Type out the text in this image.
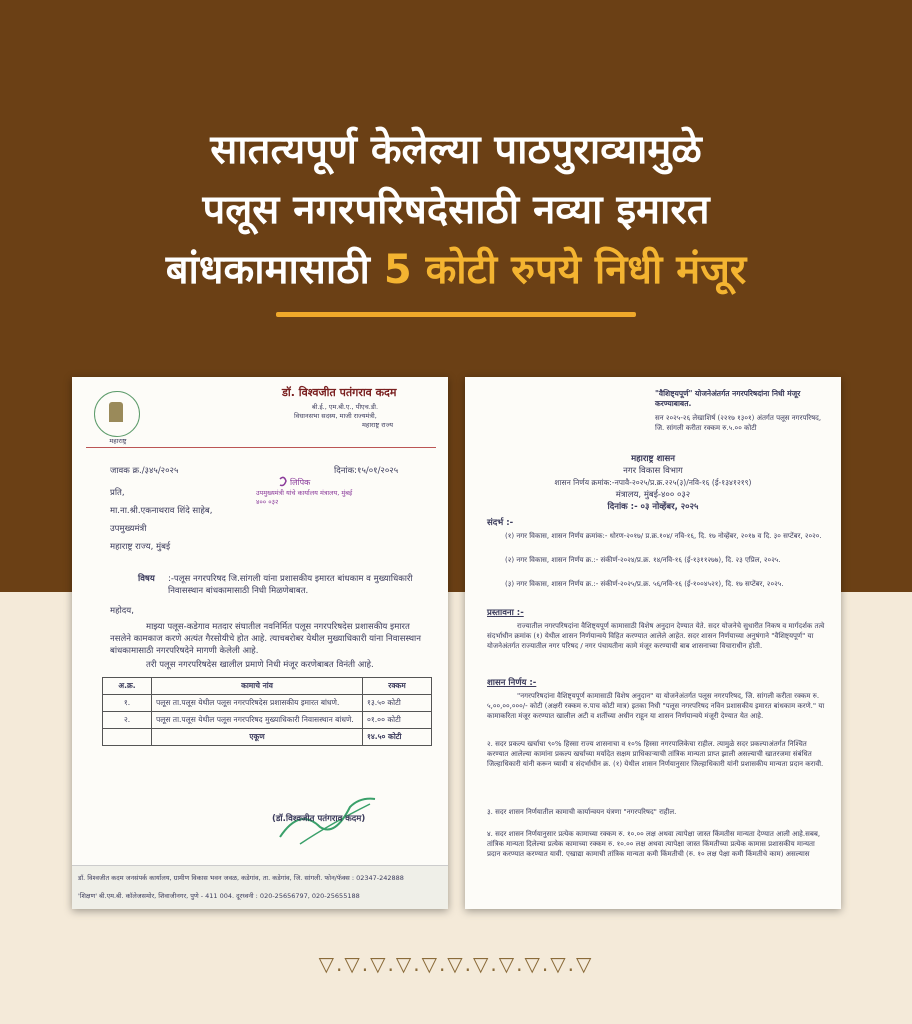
सातत्यपूर्ण केलेल्या पाठपुराव्यामुळे
पलूस नगरपरिषदेसाठी नव्या इमारत
बांधकामासाठी 5 कोटी रुपये निधी मंजूर
महाराष्ट्र
डॉ. विश्वजीत पतंगराव कदम
बी.ई., एम.बी.ए., पीएच.डी.
विधानसभा सदस्य, माजी राज्यमंत्री,
महाराष्ट्र राज्य
जावक क्र./३४५/२०२५	दिनांक:१५/०१/२०२५
प्रति,
मा.ना.श्री.एकनाथराव शिंदे साहेब,
उपमुख्यमंत्री
महाराष्ट्र राज्य, मुंबई
लिपिक
उपमुख्यमंत्री यांचे कार्यालय मंत्रालय, मुंबई ४०० ०३२
विषय	:-पलूस नगरपरिषद जि.सांगली यांना प्रशासकीय इमारत बांधकाम व मुख्याधिकारी निवासस्थान बांधकामासाठी निधी मिळणेबाबत.
महोदय,
माझ्या पलूस-कडेगाव मतदार संघातील नवनिर्मित पलूस नगरपरिषदेस प्रशासकीय इमारत नसलेने कामकाज करणे अत्यंत गैरसोयीचे होत आहे. त्याचबरोबर येथील मुख्याधिकारी यांना निवासस्थान बांधकामासाठी नगरपरिषदेने मागणी केलेली आहे.
तरी पलूस नगरपरिषदेस खालील प्रमाणे निधी मंजूर करणेबाबत विनंती आहे.
अ.क्र.	कामाचे नांव	रक्कम
१.	पलूस ता.पलूस येथील पलूस नगरपरिषदेस प्रशासकीय इमारत बांधणे.	१३.५० कोटी
२.	पलूस ता.पलूस येथील पलूस नगरपरिषद मुख्याधिकारी निवासस्थान बांधणे.	०१.०० कोटी
	एकूण	१४.५० कोटी
(डॉ.विश्वजीत पतंगराव कदम)
डॉ. विश्वजीत कदम जनसंपर्क कार्यालय, ग्रामीण विकास भवन जवळ, कडेगांव, ता. कडेगांव, जि. सांगली. फोन/फॅक्स : 02347-242888
'शिक्षण' बी.एम.बी. कॉलेजसमोर, शिवाजीनगर, पुणे - 411 004. दूरध्वनी : 020-25656797, 020-25655188
"वैशिष्ट्यपूर्ण" योजनेअंतर्गत नगरपरिषदांना निधी मंजूर करण्याबाबत.
सन २०२५-२६ लेखाशिर्ष (२२१७ १३०१) अंतर्गत पलूस नगरपरिषद, जि. सांगली करीता रक्कम रु.५.०० कोटी
महाराष्ट्र शासन
नगर विकास विभाग
शासन निर्णय क्रमांक:-नपावै-२०२५/प्र.क्र.२२५(३)/नवि-१६ (ई-१३४१२१९)
मंत्रालय, मुंबई-४०० ०३२
दिनांक :- ०३ नोव्हेंबर, २०२५
संदर्भ :-
(१) नगर विकास, शासन निर्णय क्रमांक:- धोरण-२०१७/ प्र.क्र.१०४/ नवि-१६, दि. १७ नोव्हेंबर, २०१७ व दि. ३० सप्टेंबर, २०२०.
(२) नगर विकास, शासन निर्णय क्र.:- संकीर्ण-२०२४/प्र.क्र. १४/नवि-१६ (ई-१३११२७७), दि. २३ एप्रिल, २०२५.
(३) नगर विकास, शासन निर्णय क्र.:- संकीर्ण-२०२५/प्र.क्र. ५६/नवि-१६ (ई-१००४५२१), दि. १७ सप्टेंबर, २०२५.
प्रस्तावना :-
राज्यातील नगरपरिषदांना वैशिष्ट्यपूर्ण कामासाठी विशेष अनुदान देण्यात येते. सदर योजनेचे सुधारीत निकष व मार्गदर्शक तत्वे संदर्भाधीन क्रमांक (१) येथील शासन निर्णयान्वये विहित करण्यात आलेले आहेत. सदर शासन निर्णयाच्या अनुषंगाने "वैशिष्ट्यपूर्ण" या योजनेअंतर्गत राज्यातील नगर परिषद / नगर पंचायतीना कामे मंजूर करण्याची बाब शासनाच्या विचाराधीन होती.
शासन निर्णय :-
"नगरपरिषदांना वैशिष्ट्यपूर्ण कामासाठी विशेष अनुदान" या योजनेअंतर्गत पलूस नगरपरिषद, जि. सांगली करीता रक्कम रु. ५,००,००,०००/- कोटी (अक्षरी रक्कम रु.पाच कोटी मात्र) इतका निधी "पलूस नगरपरिषद नविन प्रशासकीय इमारत बांधकाम करणे." या कामाकरिता मंजूर करण्यात खालील अटी व शर्तीच्या अधीन राहून या शासन निर्णयान्वये मंजूरी देण्यात येत आहे.
२. सदर प्रकल्प खर्चाचा ९०% हिस्सा राज्य शासनाचा व १०% हिस्सा नगरपालिकेचा राहील. त्यामुळे सदर प्रकल्पाअंतर्गत निश्चित करण्यात आलेल्या कामांना प्रकल्प खर्चाच्या मर्यादेत सक्षम प्राधिकाऱ्याची तांत्रिक मान्यता प्राप्त झाली असल्याची खातरजमा संबंधित जिल्हाधिकारी यांनी करून घ्यावी व संदर्भाधीन क्र. (१) येथील शासन निर्णयानुसार जिल्हाधिकारी यांनी प्रशासकीय मान्यता प्रदान करावी.
३. सदर शासन निर्णयातील कामाची कार्यान्वयन यंत्रणा "नगरपरिषद" राहील.
४. सदर शासन निर्णयानुसार प्रत्येक कामाच्या रक्कम रु. १०.०० लक्ष अथवा त्यापेक्षा जास्त किंमतीस मान्यता देण्यात आली आहे.सबब, तांत्रिक मान्यता दिलेल्या प्रत्येक कामाच्या रक्कम रु. १०.०० लक्ष अथवा त्यापेक्षा जास्त किंमतीच्या प्रत्येक कामास प्रशासकीय मान्यता प्रदान करण्यात करण्यात यावी. एखाद्या कामाची तांत्रिक मान्यता कमी किंमतीची (रु. १० लक्ष पेक्षा कमी किंमतीचे काम) असल्यास
▽.▽.▽.▽.▽.▽.▽.▽.▽.▽.▽
